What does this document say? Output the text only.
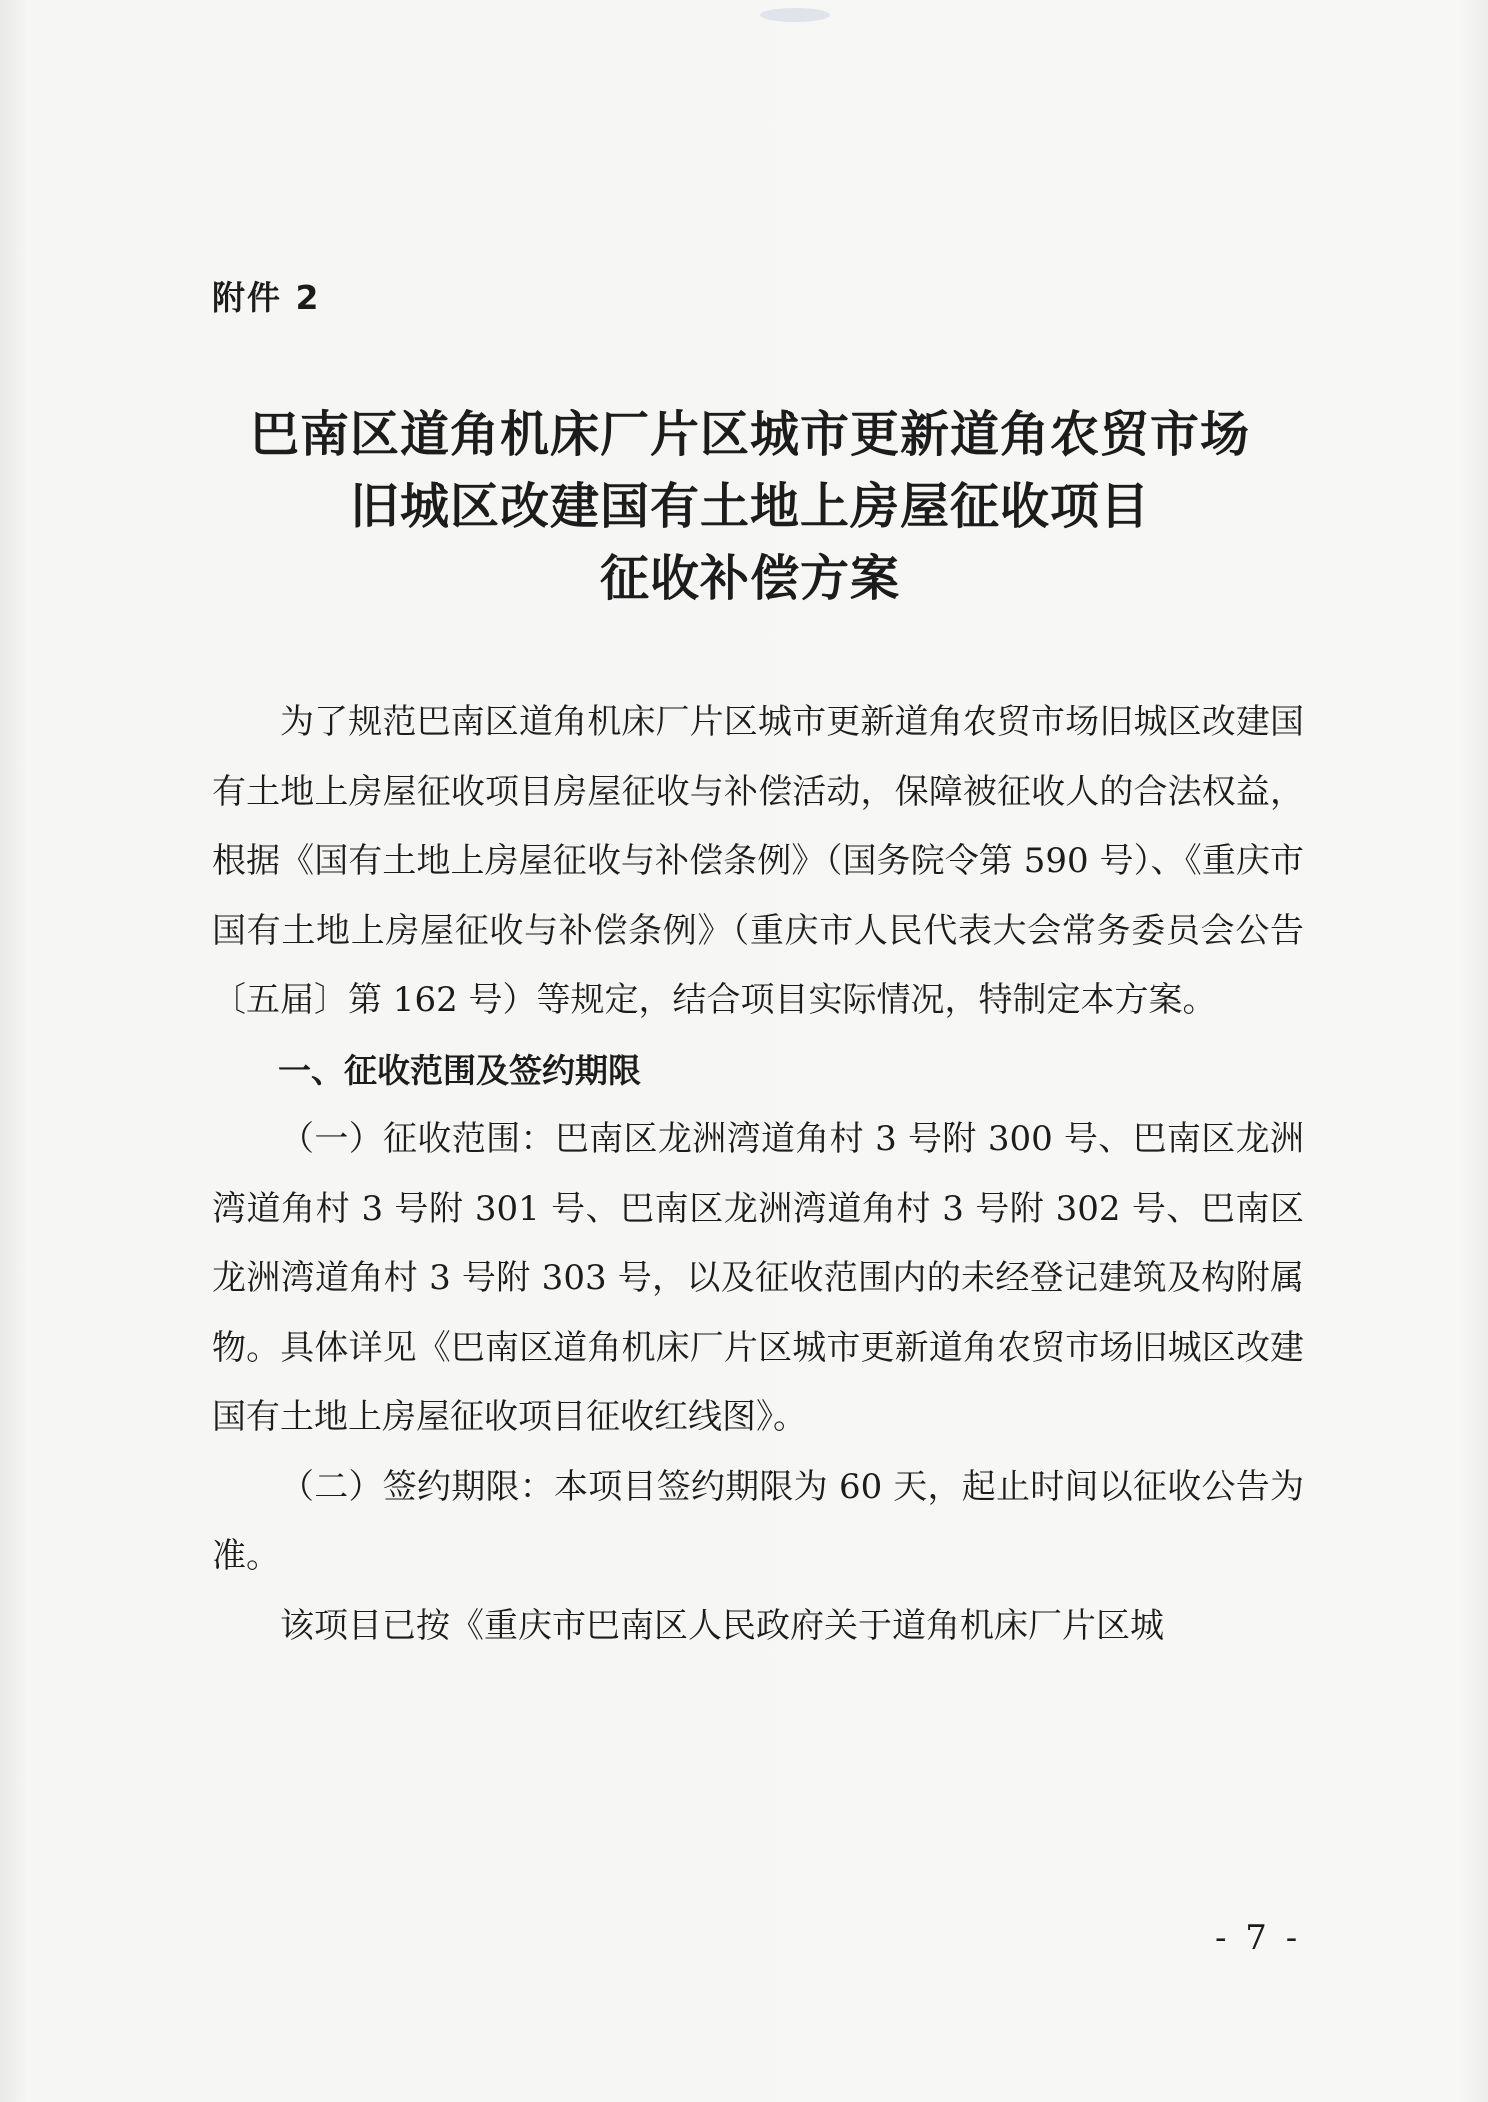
附件 2
巴南区道角机床厂片区城市更新道角农贸市场
旧城区改建国有土地上房屋征收项目
征收补偿方案

为了规范巴南区道角机床厂片区城市更新道角农贸市场旧城区改建国有土地上房屋征收项目房屋征收与补偿活动，保障被征收人的合法权益，根据《国有土地上房屋征收与补偿条例》（国务院令第 590 号）、《重庆市国有土地上房屋征收与补偿条例》（重庆市人民代表大会常务委员会公告〔五届〕第 162 号）等规定，结合项目实际情况，特制定本方案。

一、征收范围及签约期限

（一）征收范围：巴南区龙洲湾道角村 3 号附 300 号、巴南区龙洲湾道角村 3 号附 301 号、巴南区龙洲湾道角村 3 号附 302 号、巴南区龙洲湾道角村 3 号附 303 号，以及征收范围内的未经登记建筑及构附属物。具体详见《巴南区道角机床厂片区城市更新道角农贸市场旧城区改建国有土地上房屋征收项目征收红线图》。

（二）签约期限：本项目签约期限为 60 天，起止时间以征收公告为准。

该项目已按《重庆市巴南区人民政府关于道角机床厂片区城

- 7 -
